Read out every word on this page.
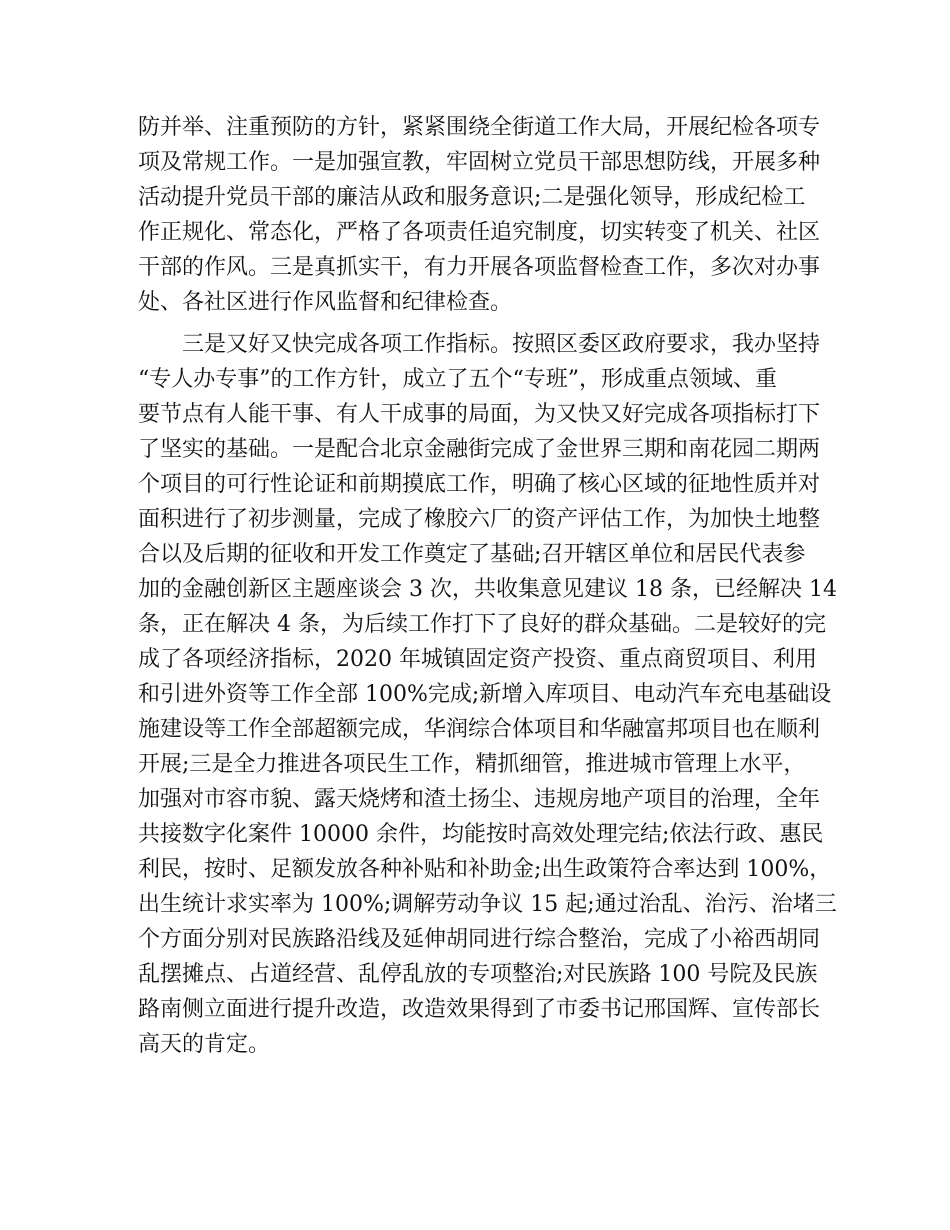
防并举、注重预防的方针，紧紧围绕全街道工作大局，开展纪检各项专
项及常规工作。一是加强宣教，牢固树立党员干部思想防线，开展多种
活动提升党员干部的廉洁从政和服务意识;二是强化领导，形成纪检工
作正规化、常态化，严格了各项责任追究制度，切实转变了机关、社区
干部的作风。三是真抓实干，有力开展各项监督检查工作，多次对办事
处、各社区进行作风监督和纪律检查。
三是又好又快完成各项工作指标。按照区委区政府要求，我办坚持
“专人办专事”的工作方针，成立了五个“专班”，形成重点领域、重
要节点有人能干事、有人干成事的局面，为又快又好完成各项指标打下
了坚实的基础。一是配合北京金融街完成了金世界三期和南花园二期两
个项目的可行性论证和前期摸底工作，明确了核心区域的征地性质并对
面积进行了初步测量，完成了橡胶六厂的资产评估工作，为加快土地整
合以及后期的征收和开发工作奠定了基础;召开辖区单位和居民代表参
加的金融创新区主题座谈会 3 次，共收集意见建议 18 条，已经解决 14
条，正在解决 4 条，为后续工作打下了良好的群众基础。二是较好的完
成了各项经济指标，2020 年城镇固定资产投资、重点商贸项目、利用
和引进外资等工作全部 100%完成;新增入库项目、电动汽车充电基础设
施建设等工作全部超额完成，华润综合体项目和华融富邦项目也在顺利
开展;三是全力推进各项民生工作，精抓细管，推进城市管理上水平，
加强对市容市貌、露天烧烤和渣土扬尘、违规房地产项目的治理，全年
共接数字化案件 10000 余件，均能按时高效处理完结;依法行政、惠民
利民，按时、足额发放各种补贴和补助金;出生政策符合率达到 100%，
出生统计求实率为 100%;调解劳动争议 15 起;通过治乱、治污、治堵三
个方面分别对民族路沿线及延伸胡同进行综合整治，完成了小裕西胡同
乱摆摊点、占道经营、乱停乱放的专项整治;对民族路 100 号院及民族
路南侧立面进行提升改造，改造效果得到了市委书记邢国辉、宣传部长
高天的肯定。
